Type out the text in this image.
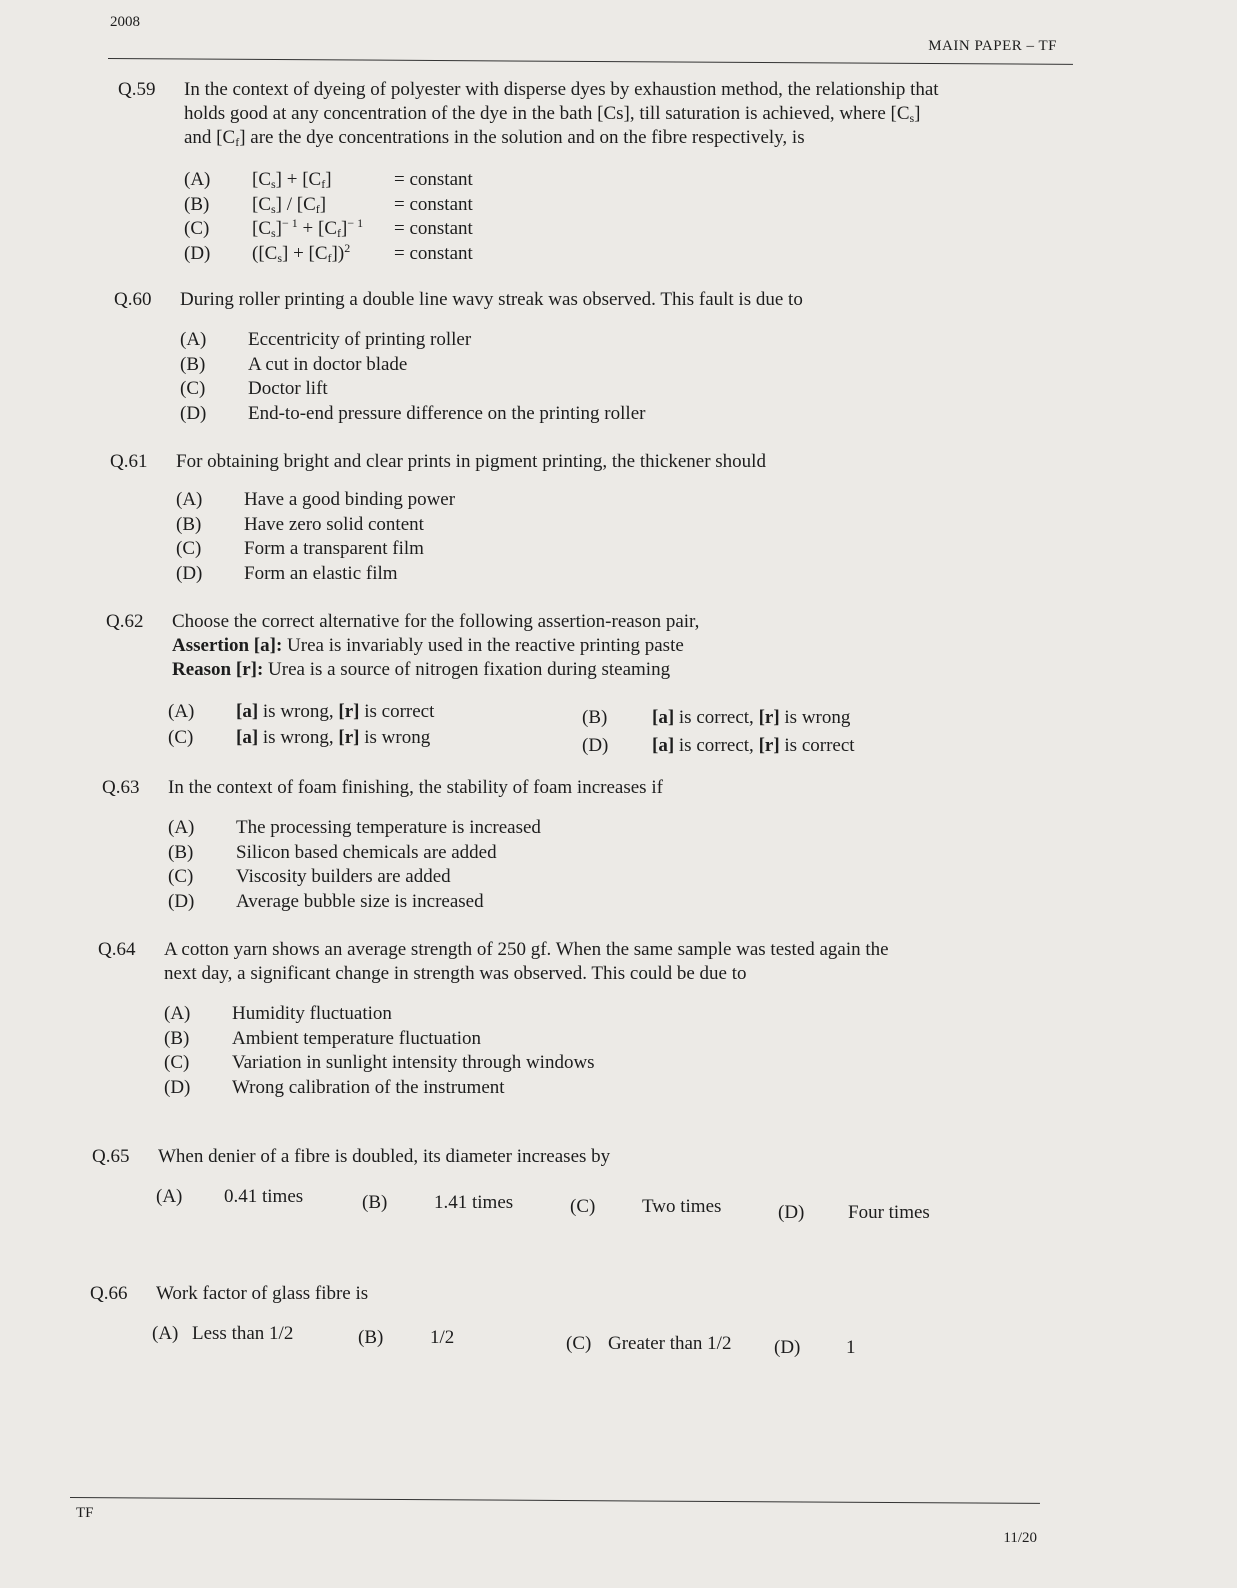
2008
MAIN PAPER – TF
Q.59 In the context of dyeing of polyester with disperse dyes by exhaustion method, the relationship that
holds good at any concentration of the dye in the bath [Cs], till saturation is achieved, where $[C_s]$
and $[C_f]$ are the dye concentrations in the solution and on the fibre respectively, is
(A) $[C_s] + [C_f]$	= constant
(B) $[C_s] / [C_f]$	= constant
(C) $[C_s]^{- 1} + [C_f]^{- 1}$ = constant
(D) $([C_s] + [C_f])^2$ = constant
Q.60 During roller printing a double line wavy streak was observed. This fault is due to
(A) Eccentricity of printing roller
(B) A cut in doctor blade
(C) Doctor lift
(D) End-to-end pressure difference on the printing roller
Q.61 For obtaining bright and clear prints in pigment printing, the thickener should
(A) Have a good binding power
(B) Have zero solid content
(C) Form a transparent film
(D) Form an elastic film
Q.62 Choose the correct alternative for the following assertion-reason pair,
Assertion [a]: Urea is invariably used in the reactive printing paste
Reason [r]: Urea is a source of nitrogen fixation during steaming
(A) [a] is wrong, [r] is correct	(B) [a] is correct, [r] is wrong
(C) [a] is wrong, [r] is wrong	(D) [a] is correct, [r] is correct
Q.63 In the context of foam finishing, the stability of foam increases if
(A) The processing temperature is increased
(B) Silicon based chemicals are added
(C) Viscosity builders are added
(D) Average bubble size is increased
Q.64 A cotton yarn shows an average strength of 250 gf. When the same sample was tested again the
next day, a significant change in strength was observed. This could be due to
(A) Humidity fluctuation
(B) Ambient temperature fluctuation
(C) Variation in sunlight intensity through windows
(D) Wrong calibration of the instrument
Q.65 When denier of a fibre is doubled, its diameter increases by
(A) 0.41 times	(B) 1.41 times	(C) Two times	(D) Four times
Q.66 Work factor of glass fibre is
(A) Less than 1/2	(B) 1/2	(C) Greater than 1/2 (D) 1
TF
11/20
